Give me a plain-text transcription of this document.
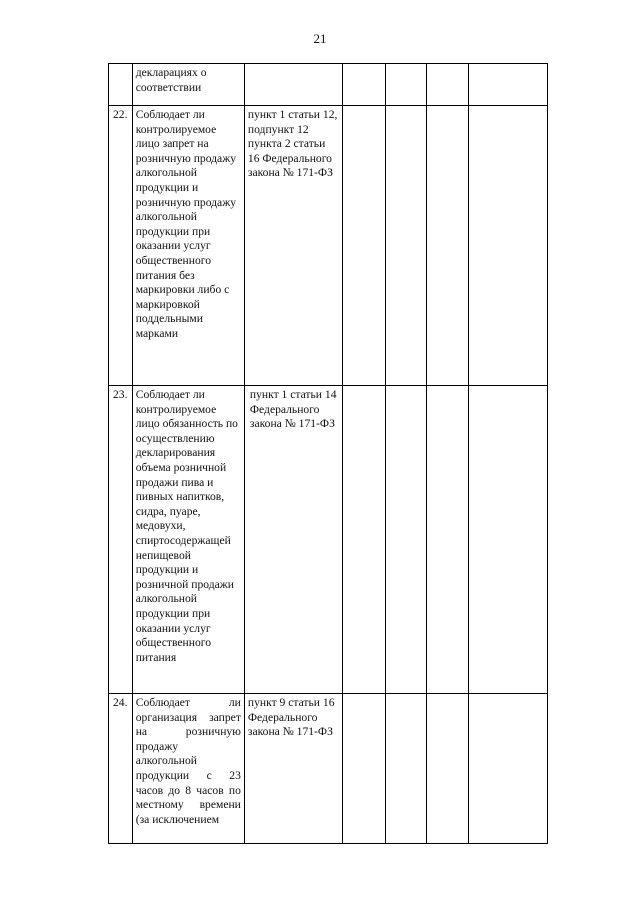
21
	декларациях о соответствии					
22.	Соблюдает ли контролируемое лицо запрет на розничную продажу алкогольной продукции и розничную продажу алкогольной продукции при оказании услуг общественного питания без маркировки либо с маркировкой поддельными марками	пункт 1 статьи 12, подпункт 12 пункта 2 статьи 16 Федерального закона № 171-ФЗ				
23.	Соблюдает ли контролируемое лицо обязанность по осуществлению декларирования объема розничной продажи пива и пивных напитков, сидра, пуаре, медовухи, спиртосодержащей непищевой продукции и розничной продажи алкогольной продукции при оказании услуг общественного питания	пункт 1 статьи 14 Федерального закона № 171-ФЗ				
24.	Соблюдает ли организация запрет на розничную продажу алкогольной продукции с 23 часов до 8 часов по местному времени (за исключением	пункт 9 статьи 16 Федерального закона № 171-ФЗ				
